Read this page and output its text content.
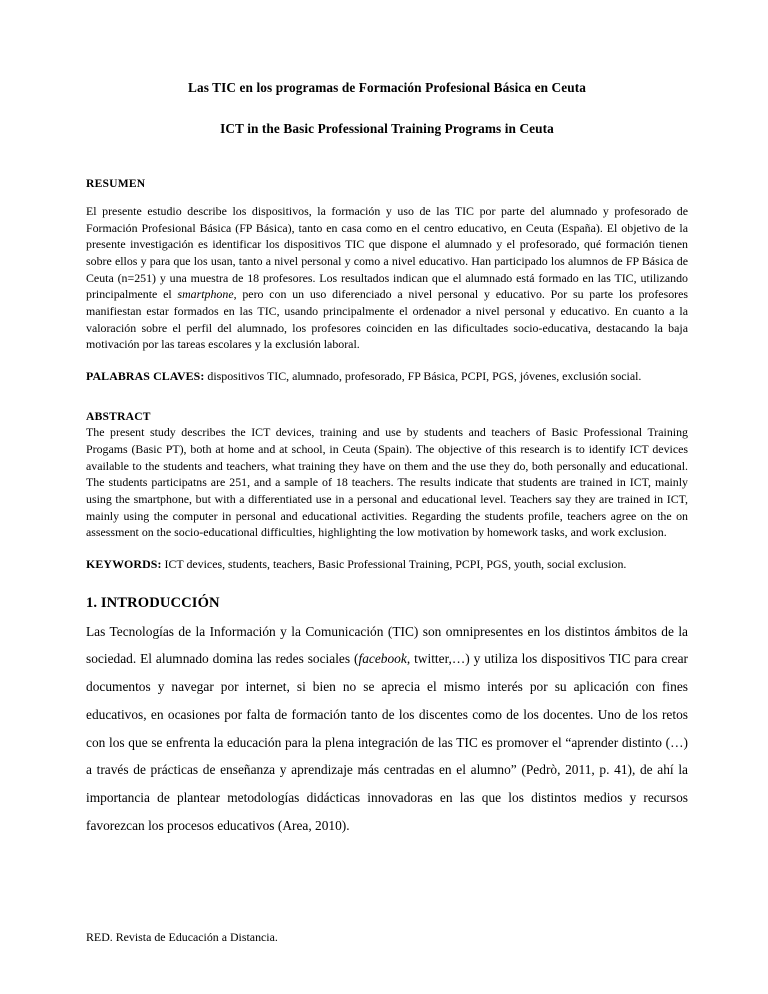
Las TIC en los programas de Formación Profesional Básica en Ceuta
ICT in the Basic Professional Training Programs in Ceuta
RESUMEN
El presente estudio describe los dispositivos, la formación y uso de las TIC por parte del alumnado y profesorado de Formación Profesional Básica (FP Básica), tanto en casa como en el centro educativo, en Ceuta (España). El objetivo de la presente investigación es identificar los dispositivos TIC que dispone el alumnado y el profesorado, qué formación tienen sobre ellos y para que los usan, tanto a nivel personal y como a nivel educativo. Han participado los alumnos de FP Básica de Ceuta (n=251) y una muestra de 18 profesores. Los resultados indican que el alumnado está formado en las TIC, utilizando principalmente el smartphone, pero con un uso diferenciado a nivel personal y educativo. Por su parte los profesores manifiestan estar formados en las TIC, usando principalmente el ordenador a nivel personal y educativo. En cuanto a la valoración sobre el perfil del alumnado, los profesores coinciden en las dificultades socio-educativa, destacando la baja motivación por las tareas escolares y la exclusión laboral.
PALABRAS CLAVES: dispositivos TIC, alumnado, profesorado, FP Básica, PCPI, PGS, jóvenes, exclusión social.
ABSTRACT
The present study describes the ICT devices, training and use by students and teachers of Basic Professional Training Progams (Basic PT), both at home and at school, in Ceuta (Spain). The objective of this research is to identify ICT devices available to the students and teachers, what training they have on them and the use they do, both personally and educational. The students participatns are 251, and a sample of 18 teachers. The results indicate that students are trained in ICT, mainly using the smartphone, but with a differentiated use in a personal and educational level. Teachers say they are trained in ICT, mainly using the computer in personal and educational activities. Regarding the students profile, teachers agree on the on assessment on the socio-educational difficulties, highlighting the low motivation by homework tasks, and work exclusion.
KEYWORDS: ICT devices, students, teachers, Basic Professional Training, PCPI, PGS, youth, social exclusion.
1. INTRODUCCIÓN
Las Tecnologías de la Información y la Comunicación (TIC) son omnipresentes en los distintos ámbitos de la sociedad. El alumnado domina las redes sociales (facebook, twitter,…) y utiliza los dispositivos TIC para crear documentos y navegar por internet, si bien no se aprecia el mismo interés por su aplicación con fines educativos, en ocasiones por falta de formación tanto de los discentes como de los docentes. Uno de los retos con los que se enfrenta la educación para la plena integración de las TIC es promover el “aprender distinto (…) a través de prácticas de enseñanza y aprendizaje más centradas en el alumno” (Pedrò, 2011, p. 41), de ahí la importancia de plantear metodologías didácticas innovadoras en las que los distintos medios y recursos favorezcan los procesos educativos (Area, 2010).
RED. Revista de Educación a Distancia.
